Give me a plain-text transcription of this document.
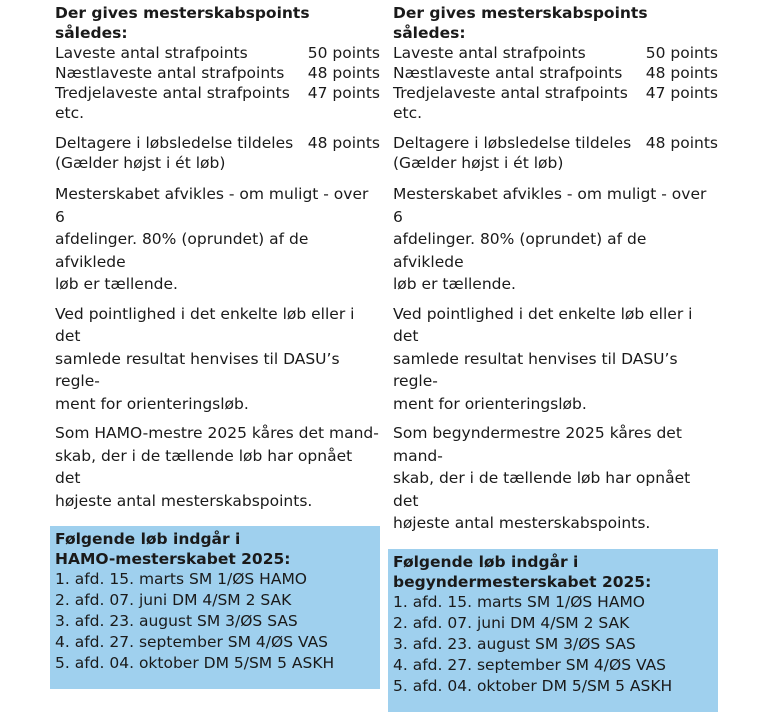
Der gives mesterskabspoints således:
Laveste antal strafpoints	50 points
Næstlaveste antal strafpoints 48 points
Tredjelaveste antal strafpoints 47 points
etc.
Deltagere i løbsledelse tildeles 48 points
(Gælder højst i ét løb)
Mesterskabet afvikles - om muligt - over 6
afdelinger. 80% (oprundet) af de afviklede
løb er tællende.
Ved pointlighed i det enkelte løb eller i det
samlede resultat henvises til DASU’s regle-
ment for orienteringsløb.
Som HAMO-mestre 2025 kåres det mand-
skab, der i de tællende løb har opnået det
højeste antal mesterskabspoints.
Følgende løb indgår i
HAMO-mesterskabet 2025:
1. afd. 15. marts SM 1/ØS HAMO
2. afd. 07. juni DM 4/SM 2 SAK
3. afd. 23. august SM 3/ØS SAS
4. afd. 27. september SM 4/ØS VAS
5. afd. 04. oktober DM 5/SM 5 ASKH
Der gives mesterskabspoints således:
Laveste antal strafpoints	50 points
Næstlaveste antal strafpoints 48 points
Tredjelaveste antal strafpoints 47 points
etc.
Deltagere i løbsledelse tildeles 48 points
(Gælder højst i ét løb)
Mesterskabet afvikles - om muligt - over 6
afdelinger. 80% (oprundet) af de afviklede
løb er tællende.
Ved pointlighed i det enkelte løb eller i det
samlede resultat henvises til DASU’s regle-
ment for orienteringsløb.
Som begyndermestre 2025 kåres det mand-
skab, der i de tællende løb har opnået det
højeste antal mesterskabspoints.
Følgende løb indgår i
begyndermesterskabet 2025:
1. afd. 15. marts SM 1/ØS HAMO
2. afd. 07. juni DM 4/SM 2 SAK
3. afd. 23. august SM 3/ØS SAS
4. afd. 27. september SM 4/ØS VAS
5. afd. 04. oktober DM 5/SM 5 ASKH
